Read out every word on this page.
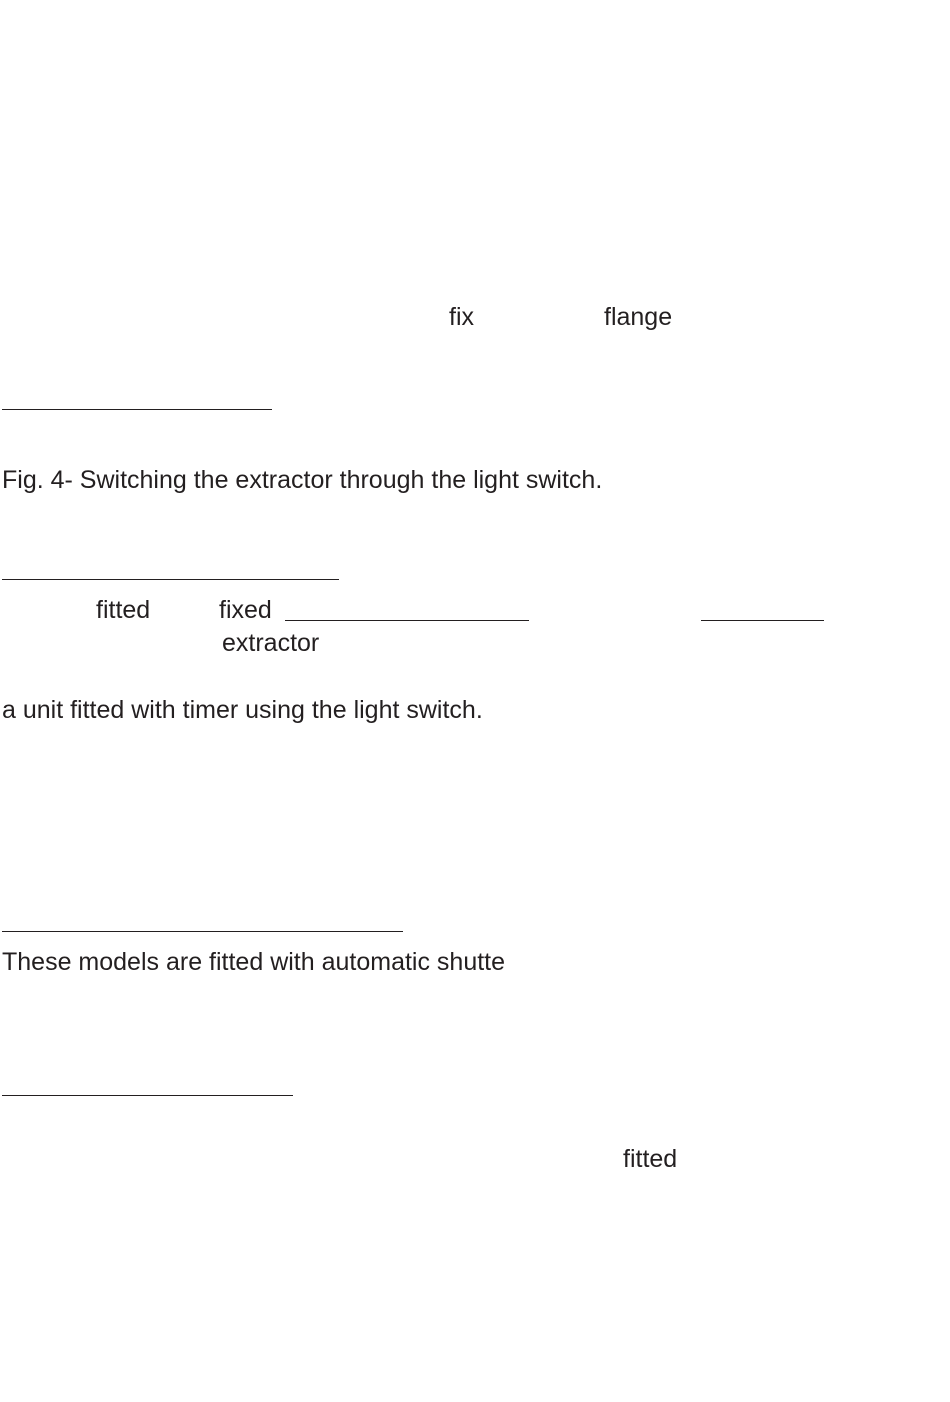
fix	flange

Fig. 4- Switching the extractor through the light switch.

fitted	fixed

extractor

a unit fitted with timer using the light switch.

These models are fitted with automatic shutte

fitted
